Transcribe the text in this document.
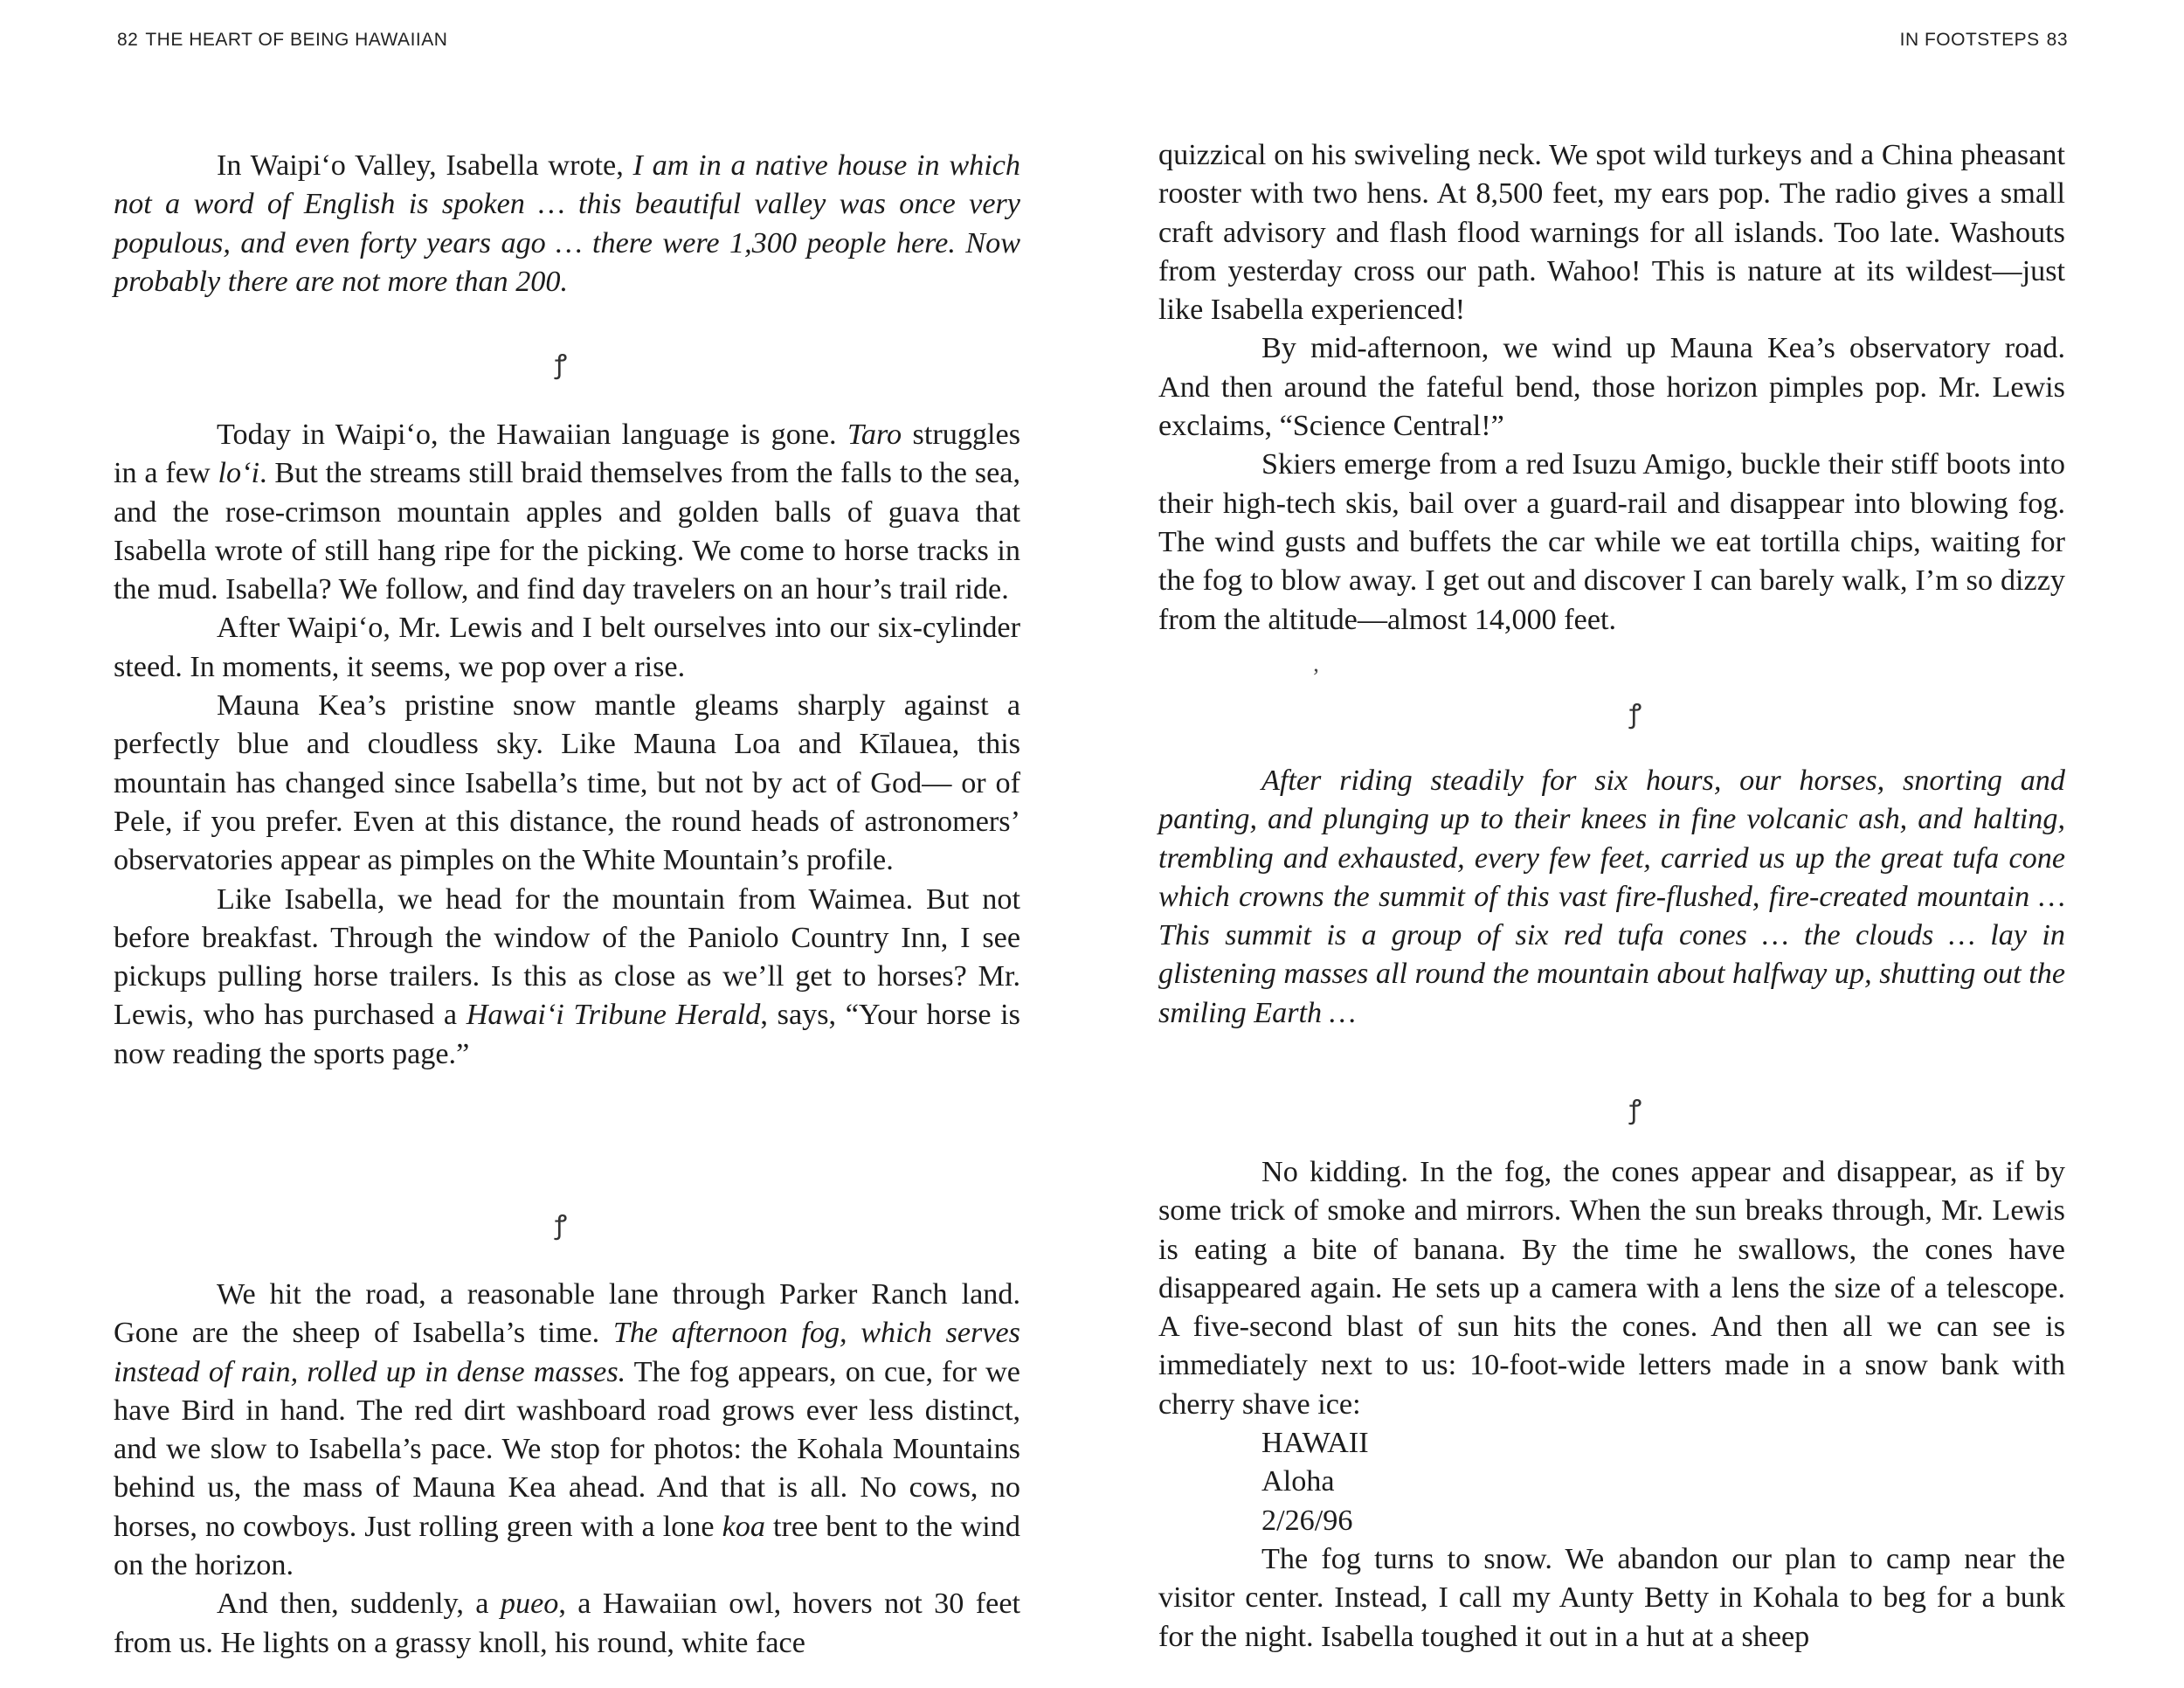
82 THE HEART OF BEING HAWAIIAN

In Waipi‘o Valley, Isabella wrote, I am in a native house in which not a word of English is spoken … this beautiful valley was once very populous, and even forty years ago … there were 1,300 people here. Now probably there are not more than 200.

ꝭ

Today in Waipi‘o, the Hawaiian language is gone. Taro struggles in a few lo‘i. But the streams still braid themselves from the falls to the sea, and the rose-crimson mountain apples and golden balls of guava that Isabella wrote of still hang ripe for the picking. We come to horse tracks in the mud. Isabella? We follow, and find day travelers on an hour’s trail ride.

After Waipi‘o, Mr. Lewis and I belt ourselves into our six-cylinder steed. In moments, it seems, we pop over a rise.

Mauna Kea’s pristine snow mantle gleams sharply against a perfectly blue and cloudless sky. Like Mauna Loa and Kīlauea, this mountain has changed since Isabella’s time, but not by act of God— or of Pele, if you prefer. Even at this distance, the round heads of astronomers’ observatories appear as pimples on the White Mountain’s profile.

Like Isabella, we head for the mountain from Waimea. But not before breakfast. Through the window of the Paniolo Country Inn, I see pickups pulling horse trailers. Is this as close as we’ll get to horses? Mr. Lewis, who has purchased a Hawai‘i Tribune Herald, says, “Your horse is now reading the sports page.”

ꝭ

We hit the road, a reasonable lane through Parker Ranch land. Gone are the sheep of Isabella’s time. The afternoon fog, which serves instead of rain, rolled up in dense masses. The fog appears, on cue, for we have Bird in hand. The red dirt washboard road grows ever less distinct, and we slow to Isabella’s pace. We stop for photos: the Kohala Mountains behind us, the mass of Mauna Kea ahead. And that is all. No cows, no horses, no cowboys. Just rolling green with a lone koa tree bent to the wind on the horizon.

And then, suddenly, a pueo, a Hawaiian owl, hovers not 30 feet from us. He lights on a grassy knoll, his round, white face

IN FOOTSTEPS 83

quizzical on his swiveling neck. We spot wild turkeys and a China pheasant rooster with two hens. At 8,500 feet, my ears pop. The radio gives a small craft advisory and flash flood warnings for all islands. Too late. Washouts from yesterday cross our path. Wahoo! This is nature at its wildest—just like Isabella experienced!

By mid-afternoon, we wind up Mauna Kea’s observatory road. And then around the fateful bend, those horizon pimples pop. Mr. Lewis exclaims, “Science Central!”

Skiers emerge from a red Isuzu Amigo, buckle their stiff boots into their high-tech skis, bail over a guard-rail and disappear into blowing fog. The wind gusts and buffets the car while we eat tortilla chips, waiting for the fog to blow away. I get out and discover I can barely walk, I’m so dizzy from the altitude—almost 14,000 feet.

ʼ
ꝭ

After riding steadily for six hours, our horses, snorting and panting, and plunging up to their knees in fine volcanic ash, and halting, trembling and exhausted, every few feet, carried us up the great tufa cone which crowns the summit of this vast fire-flushed, fire-created mountain … This summit is a group of six red tufa cones … the clouds … lay in glistening masses all round the mountain about halfway up, shutting out the smiling Earth …

ꝭ

No kidding. In the fog, the cones appear and disappear, as if by some trick of smoke and mirrors. When the sun breaks through, Mr. Lewis is eating a bite of banana. By the time he swallows, the cones have disappeared again. He sets up a camera with a lens the size of a telescope. A five-second blast of sun hits the cones. And then all we can see is immediately next to us: 10-foot-wide letters made in a snow bank with cherry shave ice:

HAWAII
Aloha
2/26/96

The fog turns to snow. We abandon our plan to camp near the visitor center. Instead, I call my Aunty Betty in Kohala to beg for a bunk for the night. Isabella toughed it out in a hut at a sheep
